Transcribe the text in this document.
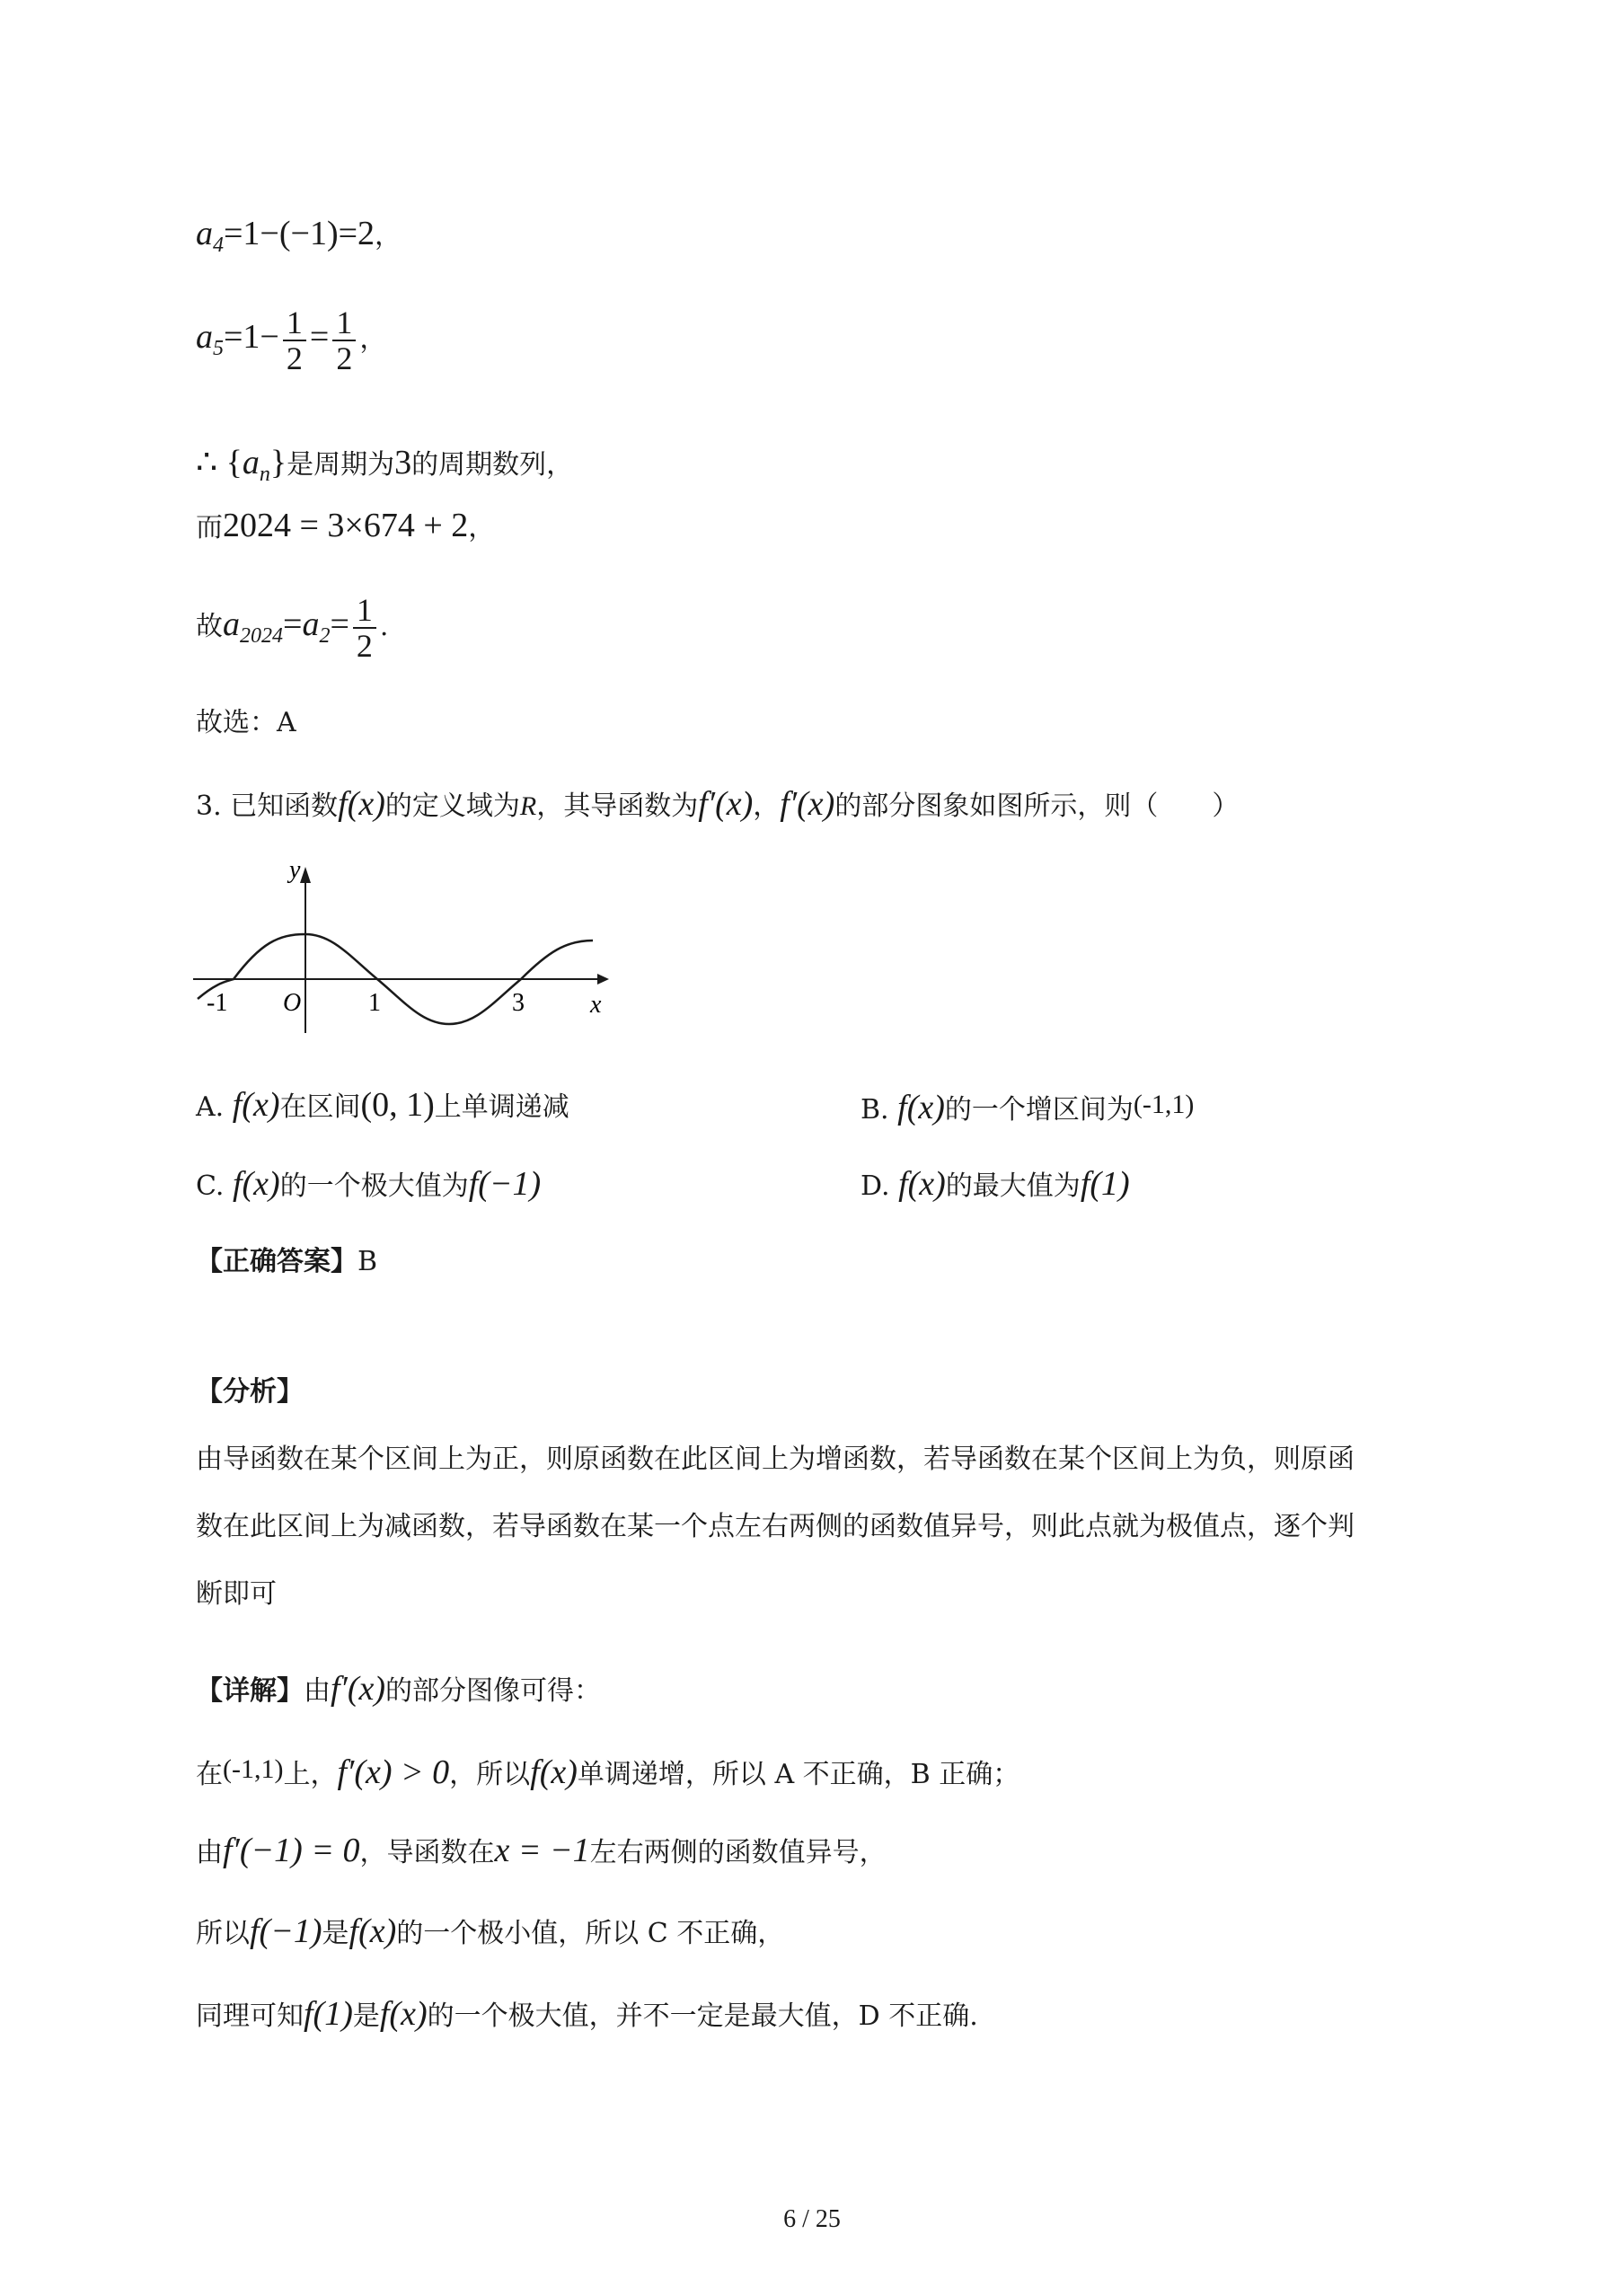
$a_4=1-(-1)=2$，
$a_5=1- \frac{1}{2} = \frac{1}{2}$ ，
∴ $\{a_n\}$是周期为3的周期数列，
而2024 = 3×674 + 2，
故$a_{2024}=a_2= \frac{1}{2}$ .
故选：A
3. 已知函数f(x)的定义域为R，其导函数为f′(x)，f′(x)的部分图象如图所示，则（　　）
y
x
O
-1	1	3
A. f(x)在区间(0, 1)上单调递减	B. f(x)的一个增区间为(-1,1)
C. f(x)的一个极大值为f(−1)	D. f(x)的最大值为f(1)
【正确答案】B
【分析】
由导函数在某个区间上为正，则原函数在此区间上为增函数，若导函数在某个区间上为负，则原函
数在此区间上为减函数，若导函数在某一个点左右两侧的函数值异号，则此点就为极值点，逐个判
断即可
【详解】由f′(x)的部分图像可得：
在(-1,1)上，f′(x) > 0，所以f(x)单调递增，所以 A 不正确，B 正确；
由f′(−1) = 0，导函数在x = −1左右两侧的函数值异号，
所以f(−1)是f(x)的一个极小值，所以 C 不正确，
同理可知f(1)是f(x)的一个极大值，并不一定是最大值，D 不正确.
6 / 25
